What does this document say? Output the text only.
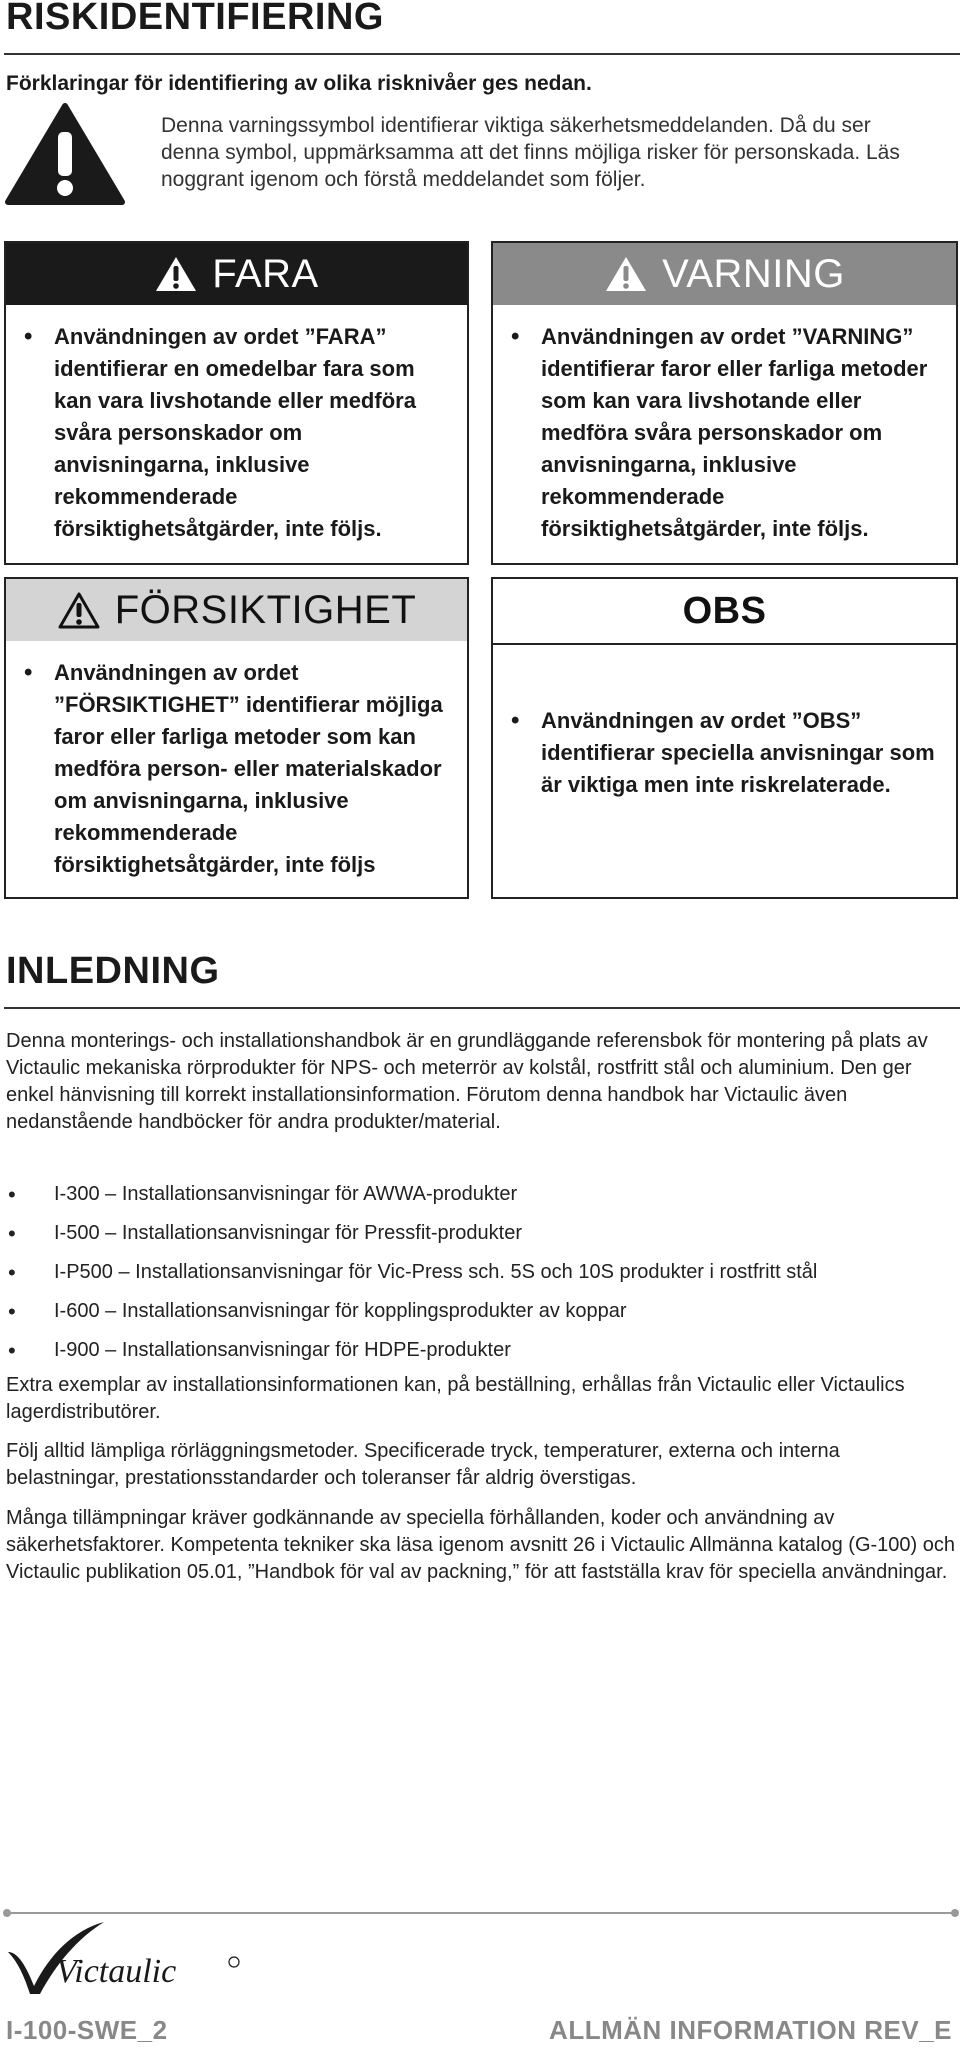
RISKIDENTIFIERING
Förklaringar för identifiering av olika risknivåer ges nedan.
Denna varningssymbol identifierar viktiga säkerhetsmeddelanden. Då du ser denna symbol, uppmärksamma att det finns möjliga risker för personskada. Läs noggrant igenom och förstå meddelandet som följer.
FARA
• Användningen av ordet ”FARA” identifierar en omedelbar fara som kan vara livshotande eller medföra svåra personskador om anvisningarna, inklusive rekommenderade försiktighetsåtgärder, inte följs.
VARNING
• Användningen av ordet ”VARNING” identifierar faror eller farliga metoder som kan vara livshotande eller medföra svåra personskador om anvisningarna, inklusive rekommenderade försiktighetsåtgärder, inte följs.
FÖRSIKTIGHET
• Användningen av ordet ”FÖRSIKTIGHET” identifierar möjliga faror eller farliga metoder som kan medföra person- eller materialskador om anvisningarna, inklusive rekommenderade försiktighetsåtgärder, inte följs
OBS
• Användningen av ordet ”OBS” identifierar speciella anvisningar som är viktiga men inte riskrelaterade.
INLEDNING
Denna monterings- och installationshandbok är en grundläggande referensbok för montering på plats av Victaulic mekaniska rörprodukter för NPS- och meterrör av kolstål, rostfritt stål och aluminium. Den ger enkel hänvisning till korrekt installationsinformation. Förutom denna handbok har Victaulic även nedanstående handböcker för andra produkter/material.
• I-300 – Installationsanvisningar för AWWA-produkter
• I-500 – Installationsanvisningar för Pressfit-produkter
• I-P500 – Installationsanvisningar för Vic-Press sch. 5S och 10S produkter i rostfritt stål
• I-600 – Installationsanvisningar för kopplingsprodukter av koppar
• I-900 – Installationsanvisningar för HDPE-produkter
Extra exemplar av installationsinformationen kan, på beställning, erhållas från Victaulic eller Victaulics lagerdistributörer.
Följ alltid lämpliga rörläggningsmetoder. Specificerade tryck, temperaturer, externa och interna belastningar, prestationsstandarder och toleranser får aldrig överstigas.
Många tillämpningar kräver godkännande av speciella förhållanden, koder och användning av säkerhetsfaktorer. Kompetenta tekniker ska läsa igenom avsnitt 26 i Victaulic Allmänna katalog (G-100) och Victaulic publikation 05.01, ”Handbok för val av packning,” för att fastställa krav för speciella användningar.
Victaulic
I-100-SWE_2	ALLMÄN INFORMATION REV_E
